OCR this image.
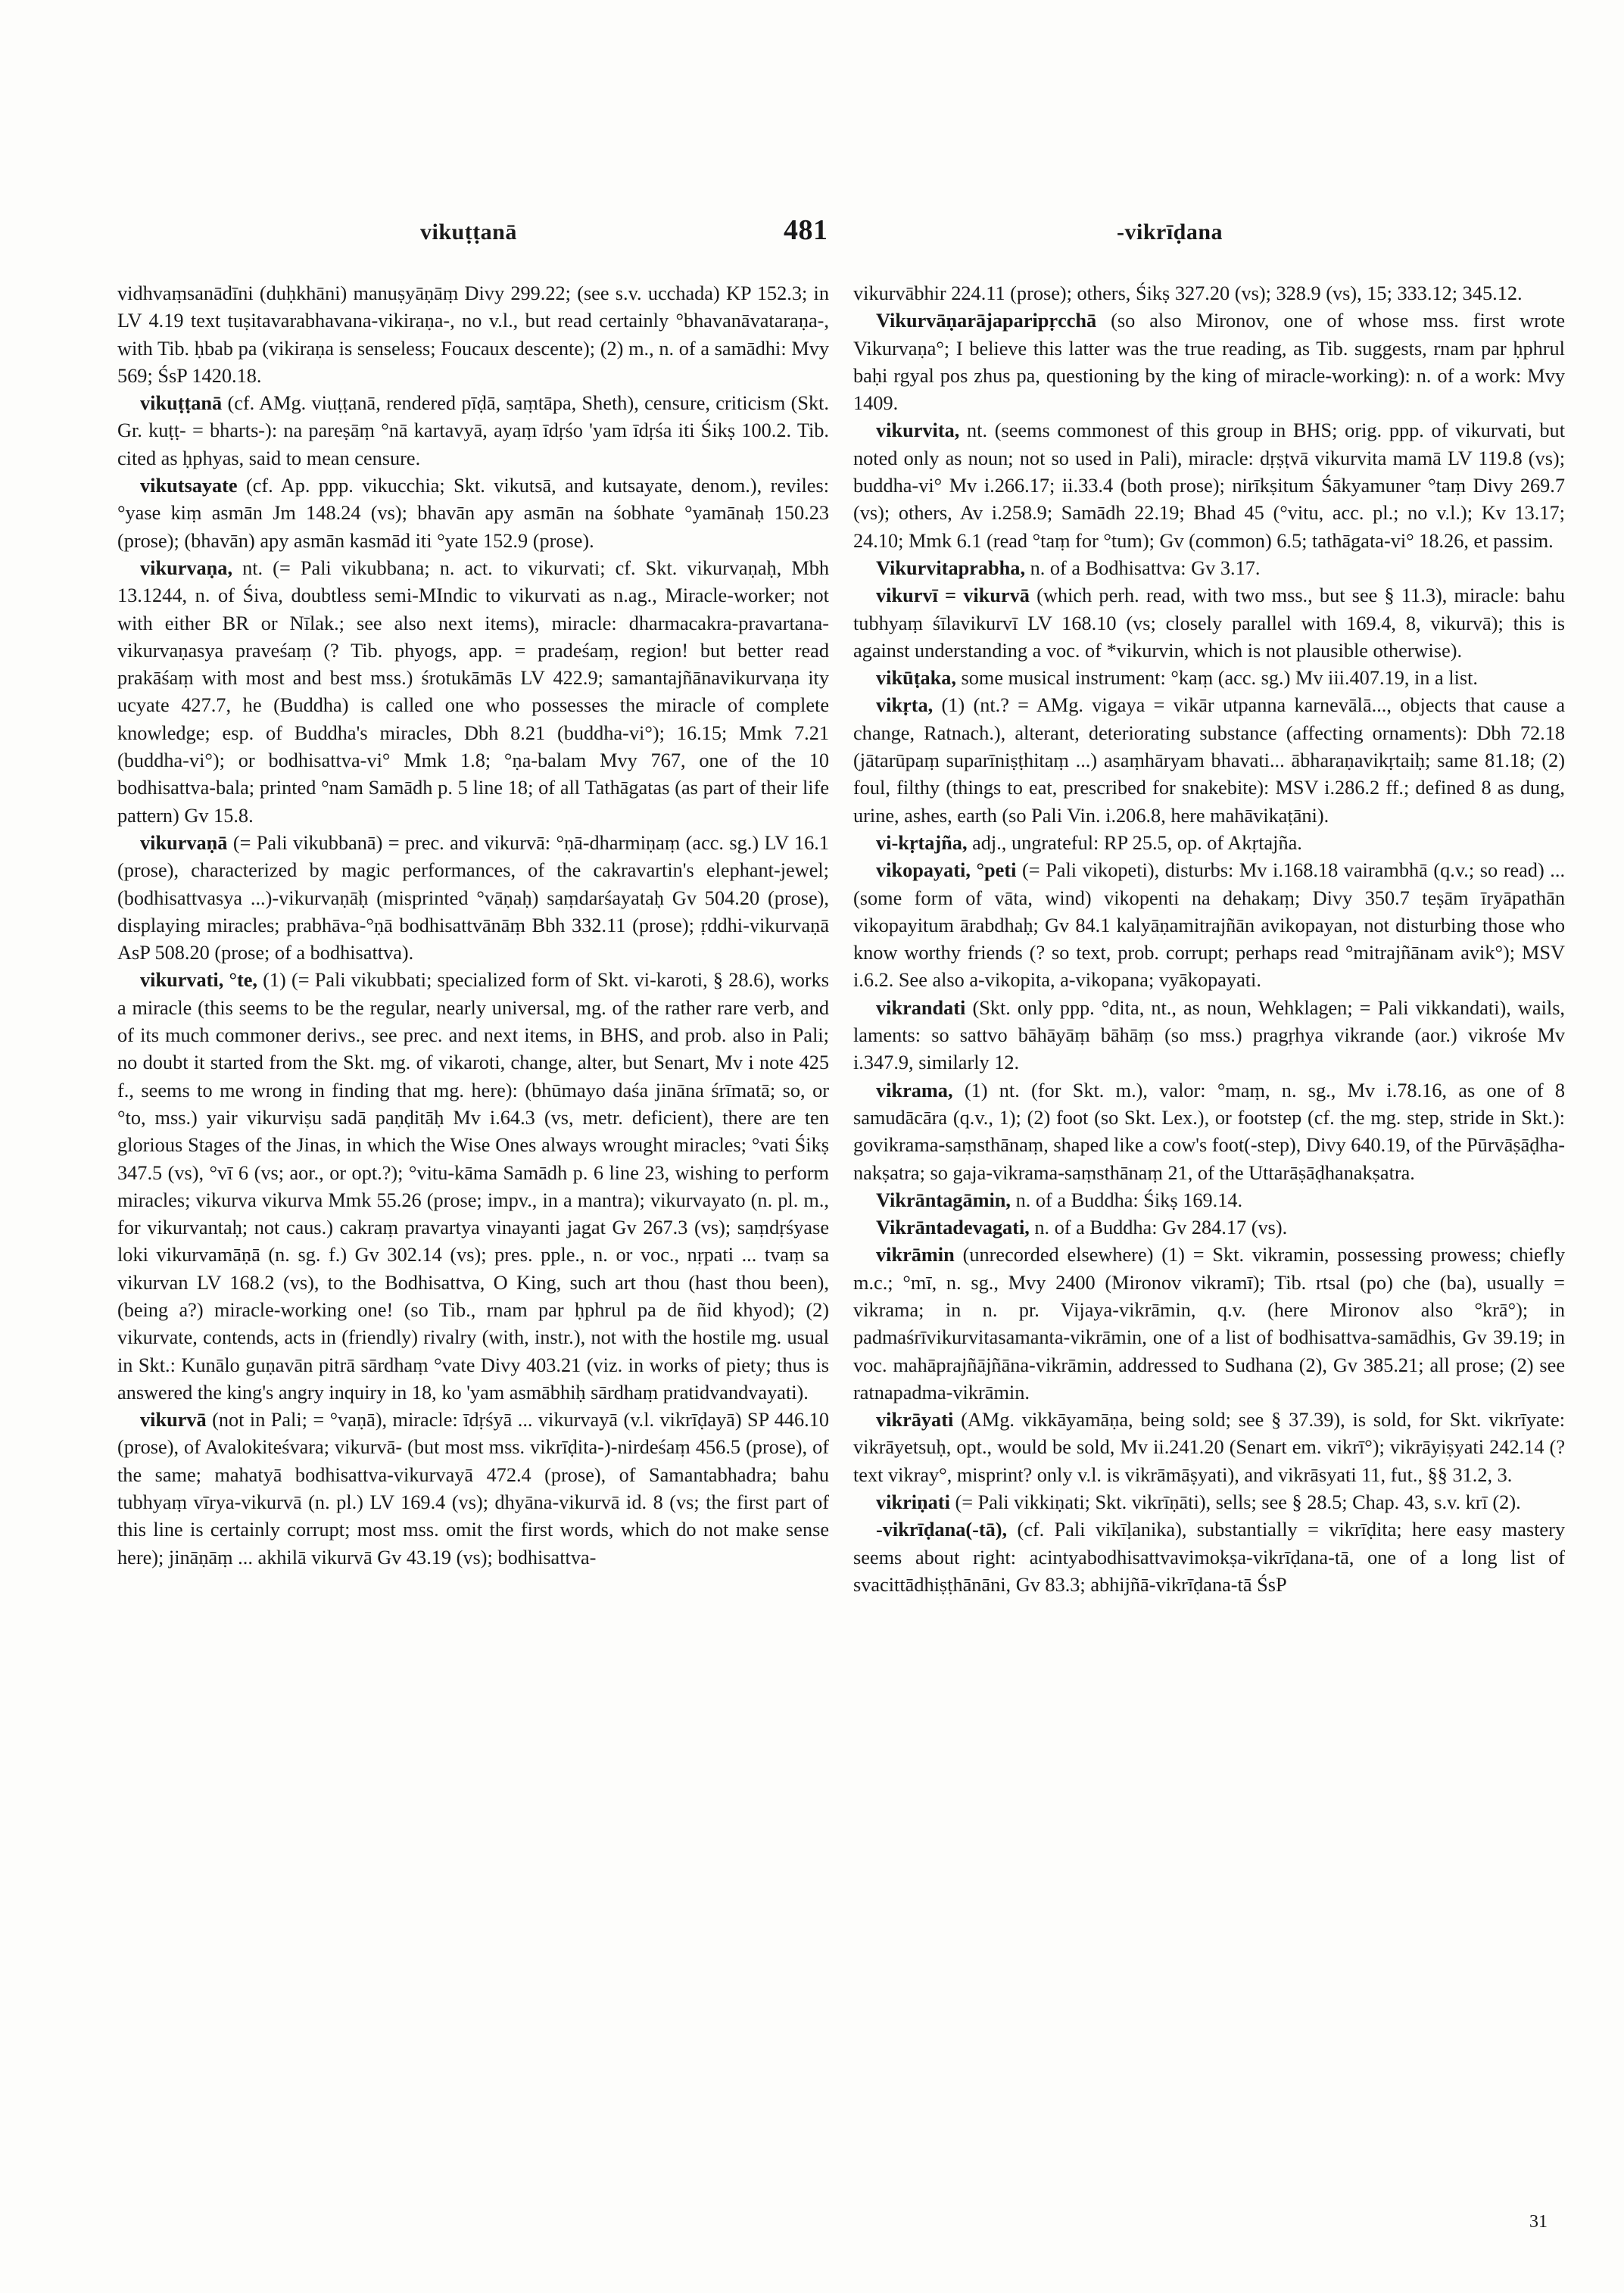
vikuṭṭanā	481	-vikrīḍana

vidhvaṃsanādīni (duḥkhāni) manuṣyāṇāṃ Divy 299.22; (see s.v. ucchada) KP 152.3; in LV 4.19 text tuṣitavarabhavana-vikiraṇa-, no v.l., but read certainly °bhavanāvataraṇa-, with Tib. ḥbab pa (vikiraṇa is senseless; Foucaux descente); (2) m., n. of a samādhi: Mvy 569; ŚsP 1420.18.

vikuṭṭanā (cf. AMg. viuṭṭanā, rendered pīḍā, saṃtāpa, Sheth), censure, criticism (Skt. Gr. kuṭṭ- = bharts-): na pareṣāṃ °nā kartavyā, ayaṃ īdṛśo 'yam īdṛśa iti Śikṣ 100.2. Tib. cited as ḥphyas, said to mean censure.

vikutsayate (cf. Ap. ppp. vikucchia; Skt. vikutsā, and kutsayate, denom.), reviles: °yase kiṃ asmān Jm 148.24 (vs); bhavān apy asmān na śobhate °yamānaḥ 150.23 (prose); (bhavān) apy asmān kasmād iti °yate 152.9 (prose).

vikurvaṇa, nt. (= Pali vikubbana; n. act. to vikurvati; cf. Skt. vikurvaṇaḥ, Mbh 13.1244, n. of Śiva, doubtless semi-MIndic to vikurvati as n.ag., Miracle-worker; not with either BR or Nīlak.; see also next items), miracle: dharmacakra-pravartana-vikurvaṇasya praveśaṃ (? Tib. phyogs, app. = pradeśaṃ, region! but better read prakāśaṃ with most and best mss.) śrotukāmās LV 422.9; samantajñānavikurvaṇa ity ucyate 427.7, he (Buddha) is called one who possesses the miracle of complete knowledge; esp. of Buddha's miracles, Dbh 8.21 (buddha-vi°); 16.15; Mmk 7.21 (buddha-vi°); or bodhisattva-vi° Mmk 1.8; °ṇa-balam Mvy 767, one of the 10 bodhisattva-bala; printed °nam Samādh p. 5 line 18; of all Tathāgatas (as part of their life pattern) Gv 15.8.

vikurvaṇā (= Pali vikubbanā) = prec. and vikurvā: °ṇā-dharmiṇaṃ (acc. sg.) LV 16.1 (prose), characterized by magic performances, of the cakravartin's elephant-jewel; (bodhisattvasya ...)-vikurvaṇāḥ (misprinted °vāṇaḥ) saṃdarśayataḥ Gv 504.20 (prose), displaying miracles; prabhāva-°ṇā bodhisattvānāṃ Bbh 332.11 (prose); ṛddhi-vikurvaṇā AsP 508.20 (prose; of a bodhisattva).

vikurvati, °te, (1) (= Pali vikubbati; specialized form of Skt. vi-karoti, § 28.6), works a miracle (this seems to be the regular, nearly universal, mg. of the rather rare verb, and of its much commoner derivs., see prec. and next items, in BHS, and prob. also in Pali; no doubt it started from the Skt. mg. of vikaroti, change, alter, but Senart, Mv i note 425 f., seems to me wrong in finding that mg. here): (bhūmayo daśa jināna śrīmatā; so, or °to, mss.) yair vikurviṣu sadā paṇḍitāḥ Mv i.64.3 (vs, metr. deficient), there are ten glorious Stages of the Jinas, in which the Wise Ones always wrought miracles; °vati Śikṣ 347.5 (vs), °vī 6 (vs; aor., or opt.?); °vitu-kāma Samādh p. 6 line 23, wishing to perform miracles; vikurva vikurva Mmk 55.26 (prose; impv., in a mantra); vikurvayato (n. pl. m., for vikurvantaḥ; not caus.) cakraṃ pravartya vinayanti jagat Gv 267.3 (vs); saṃdṛśyase loki vikurvamāṇā (n. sg. f.) Gv 302.14 (vs); pres. pple., n. or voc., nṛpati ... tvaṃ sa vikurvan LV 168.2 (vs), to the Bodhisattva, O King, such art thou (hast thou been), (being a?) miracle-working one! (so Tib., rnam par ḥphrul pa de ñid khyod); (2) vikurvate, contends, acts in (friendly) rivalry (with, instr.), not with the hostile mg. usual in Skt.: Kunālo guṇavān pitrā sārdhaṃ °vate Divy 403.21 (viz. in works of piety; thus is answered the king's angry inquiry in 18, ko 'yam asmābhiḥ sārdhaṃ pratidvandvayati).

vikurvā (not in Pali; = °vaṇā), miracle: īdṛśyā ... vikurvayā (v.l. vikrīḍayā) SP 446.10 (prose), of Avalokiteśvara; vikurvā- (but most mss. vikrīḍita-)-nirdeśaṃ 456.5 (prose), of the same; mahatyā bodhisattva-vikurvayā 472.4 (prose), of Samantabhadra; bahu tubhyaṃ vīrya-vikurvā (n. pl.) LV 169.4 (vs); dhyāna-vikurvā id. 8 (vs; the first part of this line is certainly corrupt; most mss. omit the first words, which do not make sense here); jināṇāṃ ... akhilā vikurvā Gv 43.19 (vs); bodhisattva-

vikurvābhir 224.11 (prose); others, Śikṣ 327.20 (vs); 328.9 (vs), 15; 333.12; 345.12.

Vikurvāṇarājaparipṛcchā (so also Mironov, one of whose mss. first wrote Vikurvaṇa°; I believe this latter was the true reading, as Tib. suggests, rnam par ḥphrul baḥi rgyal pos zhus pa, questioning by the king of miracle-working): n. of a work: Mvy 1409.

vikurvita, nt. (seems commonest of this group in BHS; orig. ppp. of vikurvati, but noted only as noun; not so used in Pali), miracle: dṛṣṭvā vikurvita mamā LV 119.8 (vs); buddha-vi° Mv i.266.17; ii.33.4 (both prose); nirīkṣitum Śākyamuner °taṃ Divy 269.7 (vs); others, Av i.258.9; Samādh 22.19; Bhad 45 (°vitu, acc. pl.; no v.l.); Kv 13.17; 24.10; Mmk 6.1 (read °taṃ for °tum); Gv (common) 6.5; tathāgata-vi° 18.26, et passim.

Vikurvitaprabha, n. of a Bodhisattva: Gv 3.17.

vikurvī = vikurvā (which perh. read, with two mss., but see § 11.3), miracle: bahu tubhyaṃ śīlavikurvī LV 168.10 (vs; closely parallel with 169.4, 8, vikurvā); this is against understanding a voc. of *vikurvin, which is not plausible otherwise).

vikūṭaka, some musical instrument: °kaṃ (acc. sg.) Mv iii.407.19, in a list.

vikṛta, (1) (nt.? = AMg. vigaya = vikār utpanna karnevālā..., objects that cause a change, Ratnach.), alterant, deteriorating substance (affecting ornaments): Dbh 72.18 (jātarūpaṃ suparīniṣṭhitaṃ ...) asaṃhāryam bhavati... ābharaṇavikṛtaiḥ; same 81.18; (2) foul, filthy (things to eat, prescribed for snakebite): MSV i.286.2 ff.; defined 8 as dung, urine, ashes, earth (so Pali Vin. i.206.8, here mahāvikaṭāni).

vi-kṛtajña, adj., ungrateful: RP 25.5, op. of Akṛtajña.

vikopayati, °peti (= Pali vikopeti), disturbs: Mv i.168.18 vairambhā (q.v.; so read) ... (some form of vāta, wind) vikopenti na dehakaṃ; Divy 350.7 teṣām īryāpathān vikopayitum ārabdhaḥ; Gv 84.1 kalyāṇamitrajñān avikopayan, not disturbing those who know worthy friends (? so text, prob. corrupt; perhaps read °mitrajñānam avik°); MSV i.6.2. See also a-vikopita, a-vikopana; vyākopayati.

vikrandati (Skt. only ppp. °dita, nt., as noun, Wehklagen; = Pali vikkandati), wails, laments: so sattvo bāhāyāṃ bāhāṃ (so mss.) pragṛhya vikrande (aor.) vikrośe Mv i.347.9, similarly 12.

vikrama, (1) nt. (for Skt. m.), valor: °maṃ, n. sg., Mv i.78.16, as one of 8 samudācāra (q.v., 1); (2) foot (so Skt. Lex.), or footstep (cf. the mg. step, stride in Skt.): govikrama-saṃsthānaṃ, shaped like a cow's foot(-step), Divy 640.19, of the Pūrvāṣāḍha-nakṣatra; so gaja-vikrama-saṃsthānaṃ 21, of the Uttarāṣāḍhanakṣatra.

Vikrāntagāmin, n. of a Buddha: Śikṣ 169.14.

Vikrāntadevagati, n. of a Buddha: Gv 284.17 (vs).

vikrāmin (unrecorded elsewhere) (1) = Skt. vikramin, possessing prowess; chiefly m.c.; °mī, n. sg., Mvy 2400 (Mironov vikramī); Tib. rtsal (po) che (ba), usually = vikrama; in n. pr. Vijaya-vikrāmin, q.v. (here Mironov also °krā°); in padmaśrīvikurvitasamanta-vikrāmin, one of a list of bodhisattva-samādhis, Gv 39.19; in voc. mahāprajñājñāna-vikrāmin, addressed to Sudhana (2), Gv 385.21; all prose; (2) see ratnapadma-vikrāmin.

vikrāyati (AMg. vikkāyamāṇa, being sold; see § 37.39), is sold, for Skt. vikrīyate: vikrāyetsuḥ, opt., would be sold, Mv ii.241.20 (Senart em. vikrī°); vikrāyiṣyati 242.14 (? text vikray°, misprint? only v.l. is vikrāmāṣyati), and vikrāsyati 11, fut., §§ 31.2, 3.

vikriṇati (= Pali vikkiṇati; Skt. vikrīṇāti), sells; see § 28.5; Chap. 43, s.v. krī (2).

-vikrīḍana(-tā), (cf. Pali vikīḷanika), substantially = vikrīḍita; here easy mastery seems about right: acintyabodhisattvavimokṣa-vikrīḍana-tā, one of a long list of svacittādhiṣṭhānāni, Gv 83.3; abhijñā-vikrīḍana-tā ŚsP

31
